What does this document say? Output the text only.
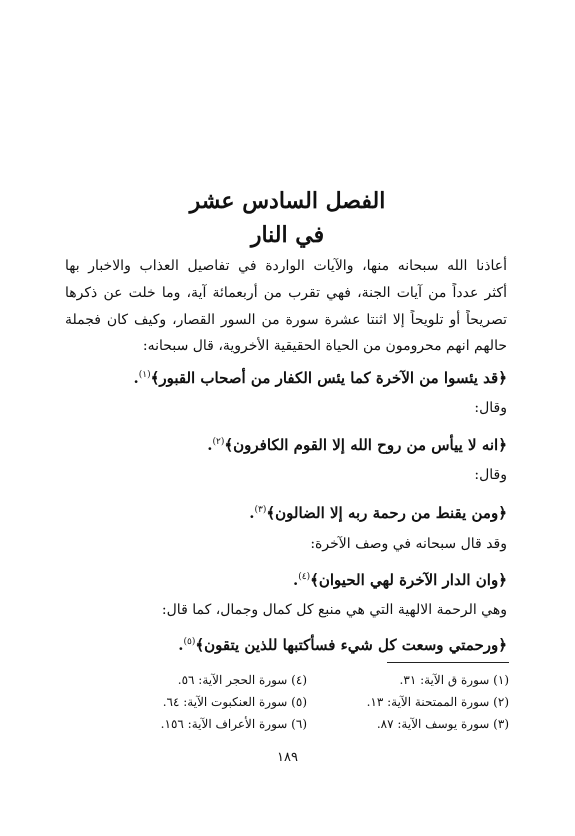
الفصل السادس عشر
في النار
أعاذنا الله سبحانه منها، والآيات الواردة في تفاصيل العذاب والاخبار بها
أكثر عدداً من آيات الجنة، فهي تقرب من أربعمائة آية، وما خلت عن ذكرها
تصريحاً أو تلويحاً إلا اثنتا عشرة سورة من السور القصار، وكيف كان فجملة
حالهم انهم محرومون من الحياة الحقيقية الأخروية، قال سبحانه:
﴿قد يئسوا من الآخرة كما يئس الكفار من أصحاب القبور﴾$^{(١)}$.
وقال:
﴿انه لا ييأس من روح الله إلا القوم الكافرون﴾$^{(٢)}$.
وقال:
﴿ومن يقنط من رحمة ربه إلا الضالون﴾$^{(٣)}$.
وقد قال سبحانه في وصف الآخرة:
﴿وان الدار الآخرة لهي الحيوان﴾$^{(٤)}$.
وهي الرحمة الالهية التي هي منبع كل كمال وجمال، كما قال:
﴿ورحمتي وسعت كل شيء فسأكتبها للذين يتقون﴾$^{(٥)}$.
(١) سورة ق الآية: ٣١.
(٢) سورة الممتحنة الآية: ١٣.
(٣) سورة يوسف الآية: ٨٧.
(٤) سورة الحجر الآية: ٥٦.
(٥) سورة العنكبوت الآية: ٦٤.
(٦) سورة الأعراف الآية: ١٥٦.
١٨٩
